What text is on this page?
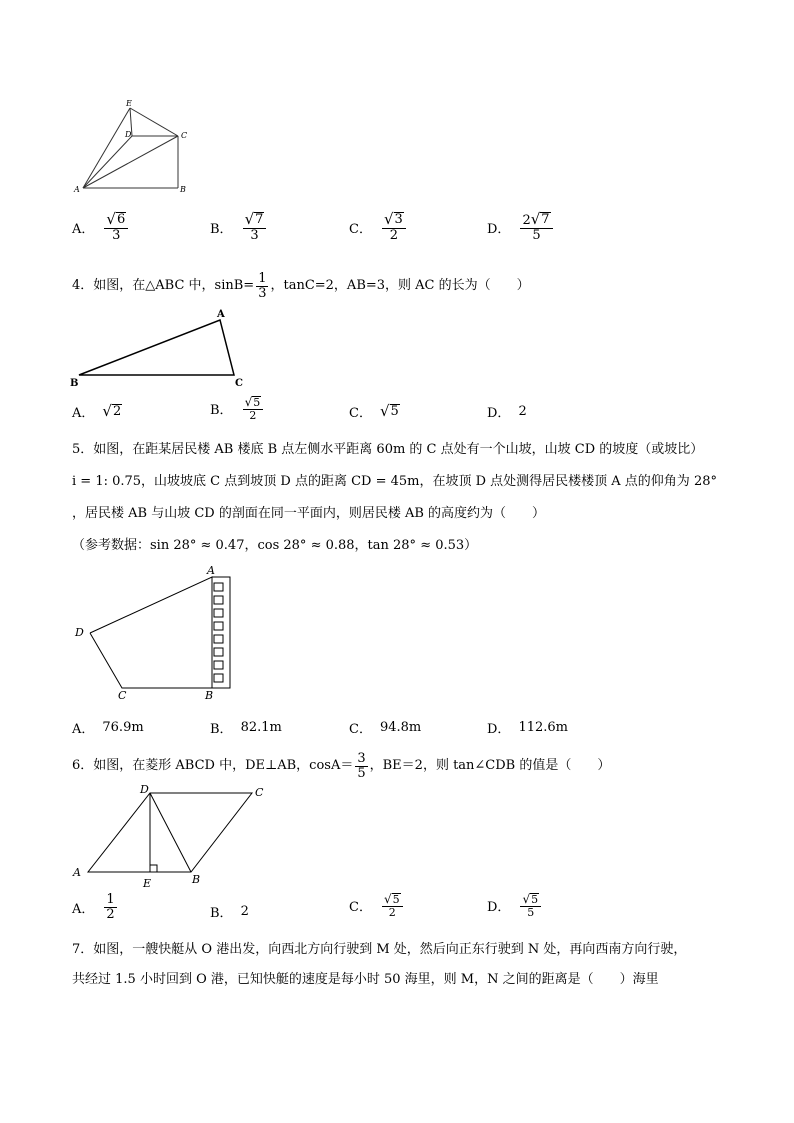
E
D	C
A	B
A． $\frac{√ 6}{3}$	B． $\frac{√ 7}{3}$	C． $\frac{√ 3}{2}$	D． $\frac{2 √ 7}{5}$
4．如图，在△ABC 中，$\sin B= \frac{1}{3}$ ，tanC=2，AB=3，则 AC 的长为（　　）
A
B	C
A． √ 2	B． $\frac{√ 5}{2}$	C． √ 5	D． 2
5．如图，在距某居民楼 AB 楼底 B 点左侧水平距离 60m 的 C 点处有一个山坡，山坡 CD 的坡度（或坡比）
i = 1: 0.75，山坡坡底 C 点到坡顶 D 点的距离 CD = 45m，在坡顶 D 点处测得居民楼楼顶 A 点的仰角为 28°
，居民楼 AB 与山坡 CD 的剖面在同一平面内，则居民楼 AB 的高度约为（　　）
（参考数据：sin 28° ≈ 0.47，cos 28° ≈ 0.88，tan 28° ≈ 0.53）
A
D
C	B
A． 76.9m	B． 82.1m	C． 94.8m	D． 112.6m
6．如图，在菱形 ABCD 中，DE⊥AB，$\cos A= \frac{3}{5}$ ，BE＝2，则 tan∠CDB 的值是（　　）
A
B
C
D
E
A． $\frac{1}{2}$	B． 2	C． $\frac{√ 5}{2}$	D． $\frac{√ 5}{5}$
7．如图，一艘快艇从 O 港出发，向西北方向行驶到 M 处，然后向正东行驶到 N 处，再向西南方向行驶，
共经过 1.5 小时回到 O 港，已知快艇的速度是每小时 50 海里，则 M，N 之间的距离是（　　）海里
